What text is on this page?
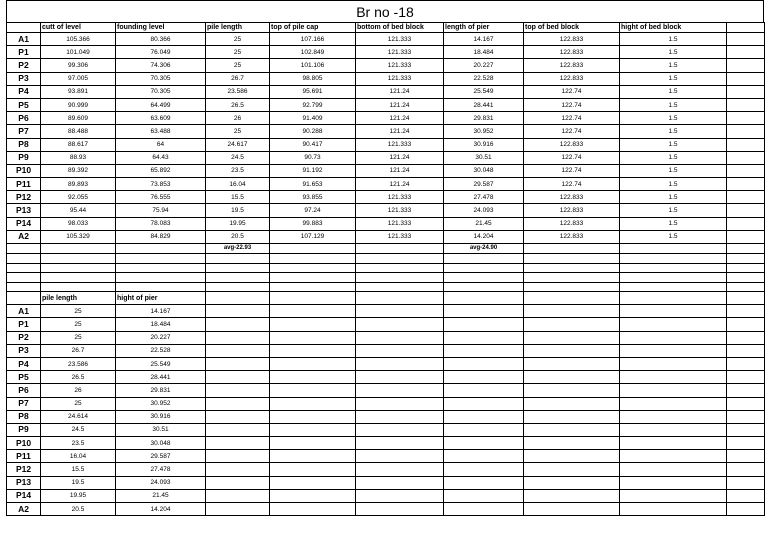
Br no -18
	cutt of level	founding level	pile length	top of pile cap	bottom of bed block	length of pier	top of bed block	hight of bed block	
A1	105.366	80.366	25	107.166	121.333	14.167	122.833	1.5	
P1	101.049	76.049	25	102.849	121.333	18.484	122.833	1.5	
P2	99.306	74.306	25	101.106	121.333	20.227	122.833	1.5	
P3	97.005	70.305	26.7	98.805	121.333	22.528	122.833	1.5	
P4	93.891	70.305	23.586	95.691	121.24	25.549	122.74	1.5	
P5	90.999	64.499	26.5	92.799	121.24	28.441	122.74	1.5	
P6	89.609	63.609	26	91.409	121.24	29.831	122.74	1.5	
P7	88.488	63.488	25	90.288	121.24	30.952	122.74	1.5	
P8	88.617	64	24.617	90.417	121.333	30.916	122.833	1.5	
P9	88.93	64.43	24.5	90.73	121.24	30.51	122.74	1.5	
P10	89.392	65.892	23.5	91.192	121.24	30.048	122.74	1.5	
P11	89.893	73.853	16.04	91.653	121.24	29.587	122.74	1.5	
P12	92.055	76.555	15.5	93.855	121.333	27.478	122.833	1.5	
P13	95.44	75.94	19.5	97.24	121.333	24.093	122.833	1.5	
P14	98.033	78.083	19.95	99.883	121.333	21.45	122.833	1.5	
A2	105.329	84.829	20.5	107.129	121.333	14.204	122.833	1.5	
			avg-22.93			avg-24.90			

	pile length	hight of pier							
A1	25	14.167							
P1	25	18.484							
P2	25	20.227							
P3	26.7	22.528							
P4	23.586	25.549							
P5	26.5	28.441							
P6	26	29.831							
P7	25	30.952							
P8	24.614	30.916							
P9	24.5	30.51							
P10	23.5	30.048							
P11	16.04	29.587							
P12	15.5	27.478							
P13	19.5	24.093							
P14	19.95	21.45							
A2	20.5	14.204							
